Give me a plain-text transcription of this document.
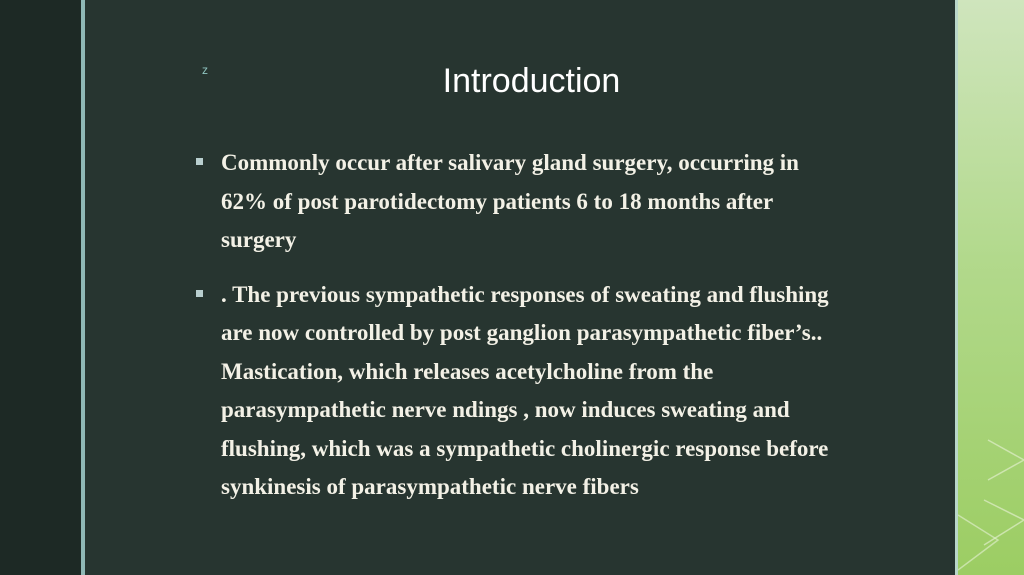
z	Introduction
Commonly occur after salivary gland surgery, occurring in 62% of post parotidectomy patients 6 to 18 months after surgery
. The previous sympathetic responses of sweating and flushing are now controlled by post ganglion parasympathetic fiber’s.. Mastication, which releases acetylcholine from the parasympathetic nerve ndings , now induces sweating and flushing, which was a sympathetic cholinergic response before synkinesis of parasympathetic nerve fibers
